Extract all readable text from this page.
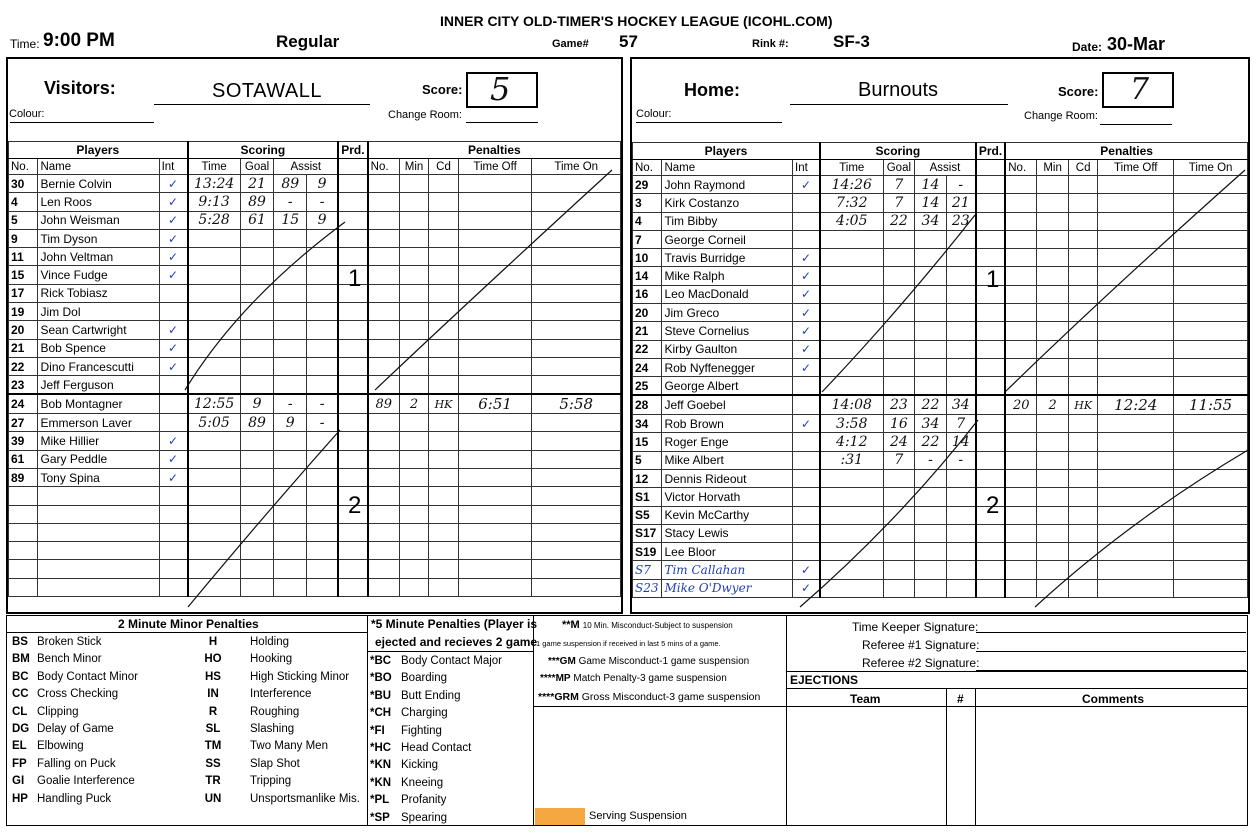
INNER CITY OLD-TIMER'S HOCKEY LEAGUE (ICOHL.COM)
Time: 9:00 PM	Regular	Game# 57	Rink #:	SF-3	Date: 30-Mar
Visitors:	SOTAWALL
Colour:
Score: 5
Change Room:
Players			Scoring				Prd.	Penalties				
No.	Name	Int	Time	Goal	Assist			No.	Min	Cd	Time Off	Time On
30	Bernie Colvin	✓	13:24	21	89	9						
4	Len Roos	✓	9:13	89	-	-						
5	John Weisman	✓	5:28	61	15	9						
9	Tim Dyson	✓										
11	John Veltman	✓										
15	Vince Fudge	✓										
17	Rick Tobiasz											
19	Jim Dol											
20	Sean Cartwright	✓										
21	Bob Spence	✓										
22	Dino Francescutti	✓										
23	Jeff Ferguson											
24	Bob Montagner		12:55	9	-	-		89	2	HK	6:51	5:58
27	Emmerson Laver		5:05	89	9	-						
39	Mike Hillier	✓										
61	Gary Peddle	✓										
89	Tony Spina	✓										

1
2
Home:	Burnouts
Colour:
Score: 7
Change Room:
Players			Scoring				Prd.	Penalties				
No.	Name	Int	Time	Goal	Assist			No.	Min	Cd	Time Off	Time On
29	John Raymond	✓	14:26	7	14	-						
3	Kirk Costanzo		7:32	7	14	21						
4	Tim Bibby		4:05	22	34	23						
7	George Corneil											
10	Travis Burridge	✓										
14	Mike Ralph	✓										
16	Leo MacDonald	✓										
20	Jim Greco	✓										
21	Steve Cornelius	✓										
22	Kirby Gaulton	✓										
24	Rob Nyffenegger	✓										
25	George Albert											
28	Jeff Goebel		14:08	23	22	34		20	2	HK	12:24	11:55
34	Rob Brown	✓	3:58	16	34	7						
15	Roger Enge		4:12	24	22	14						
5	Mike Albert		:31	7	-	-						
12	Dennis Rideout											
S1	Victor Horvath											
S5	Kevin McCarthy											
S17	Stacy Lewis											
S19	Lee Bloor											
S7	Tim Callahan	✓										
S23	Mike O'Dwyer	✓										
1
2
2 Minute Minor Penalties
BS Broken Stick
BM Bench Minor
BC Body Contact Minor
CC Cross Checking
CL Clipping
DG Delay of Game
EL Elbowing
FP Falling on Puck
GI Goalie Interference
HP Handling Puck
H	Holding
HO	Hooking
HS	High Sticking Minor
IN	Interference
R	Roughing
SL	Slashing
TM	Two Many Men
SS	Slap Shot
TR	Tripping
UN	Unsportsmanlike Mis.
*5 Minute Penalties (Player is
ejected and recieves 2 game
*BC Body Contact Major
*BO Boarding
*BU Butt Ending
*CH Charging
*FI Fighting
*HC Head Contact
*KN Kicking
*KN Kneeing
*PL Profanity
*SP Spearing
**M 10 Min. Misconduct-Subject to suspension
1 game suspension if received in last 5 mins of a game.
***GM Game Misconduct-1 game suspension
****MP Match Penalty-3 game suspension
****GRM Gross Misconduct-3 game suspension
Serving Suspension
Time Keeper Signature:
Referee #1 Signature:
Referee #2 Signature:
EJECTIONS
Team	#	Comments
